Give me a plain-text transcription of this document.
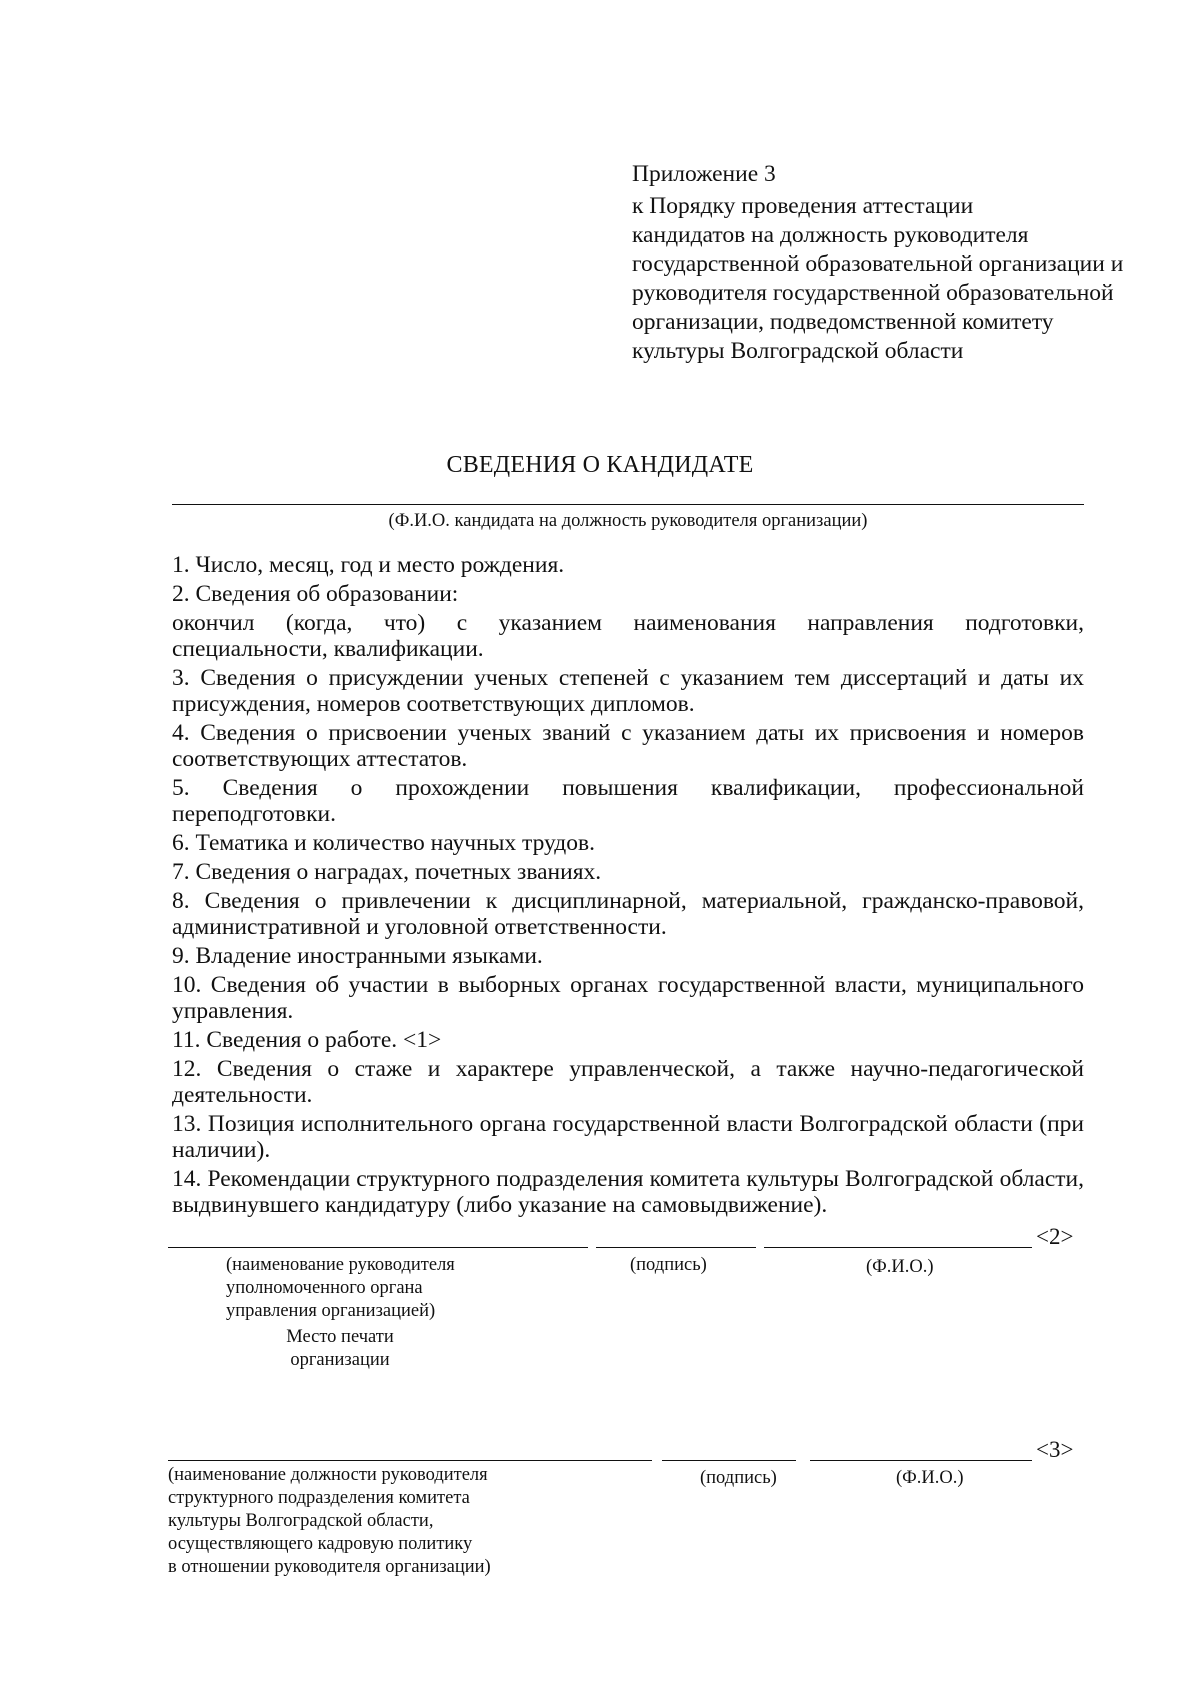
Приложение 3
к Порядку проведения аттестации
кандидатов на должность руководителя
государственной образовательной организации и
руководителя государственной образовательной
организации, подведомственной комитету
культуры Волгоградской области
СВЕДЕНИЯ О КАНДИДАТЕ
(Ф.И.О. кандидата на должность руководителя организации)
1. Число, месяц, год и место рождения.
2. Сведения об образовании:
окончил (когда, что) с указанием наименования направления подготовки,
специальности, квалификации.
3. Сведения о присуждении ученых степеней с указанием тем диссертаций и даты их присуждения, номеров соответствующих дипломов.
4. Сведения о присвоении ученых званий с указанием даты их присвоения и номеров соответствующих аттестатов.
5. Сведения о прохождении повышения квалификации, профессиональной
переподготовки.
6. Тематика и количество научных трудов.
7. Сведения о наградах, почетных званиях.
8. Сведения о привлечении к дисциплинарной, материальной, гражданско-правовой, административной и уголовной ответственности.
9. Владение иностранными языками.
10. Сведения об участии в выборных органах государственной власти, муниципального управления.
11. Сведения о работе. <1>
12. Сведения о стаже и характере управленческой, а также научно-педагогической деятельности.
13. Позиция исполнительного органа государственной власти Волгоградской области (при наличии).
14. Рекомендации структурного подразделения комитета культуры Волгоградской области, выдвинувшего кандидатуру (либо указание на самовыдвижение).
<2>
(наименование руководителя
уполномоченного органа
управления организацией)
(подпись)	(Ф.И.О.)
Место печати
организации
<3>
(наименование должности руководителя
структурного подразделения комитета
культуры Волгоградской области,
осуществляющего кадровую политику
в отношении руководителя организации)
(подпись)	(Ф.И.О.)
